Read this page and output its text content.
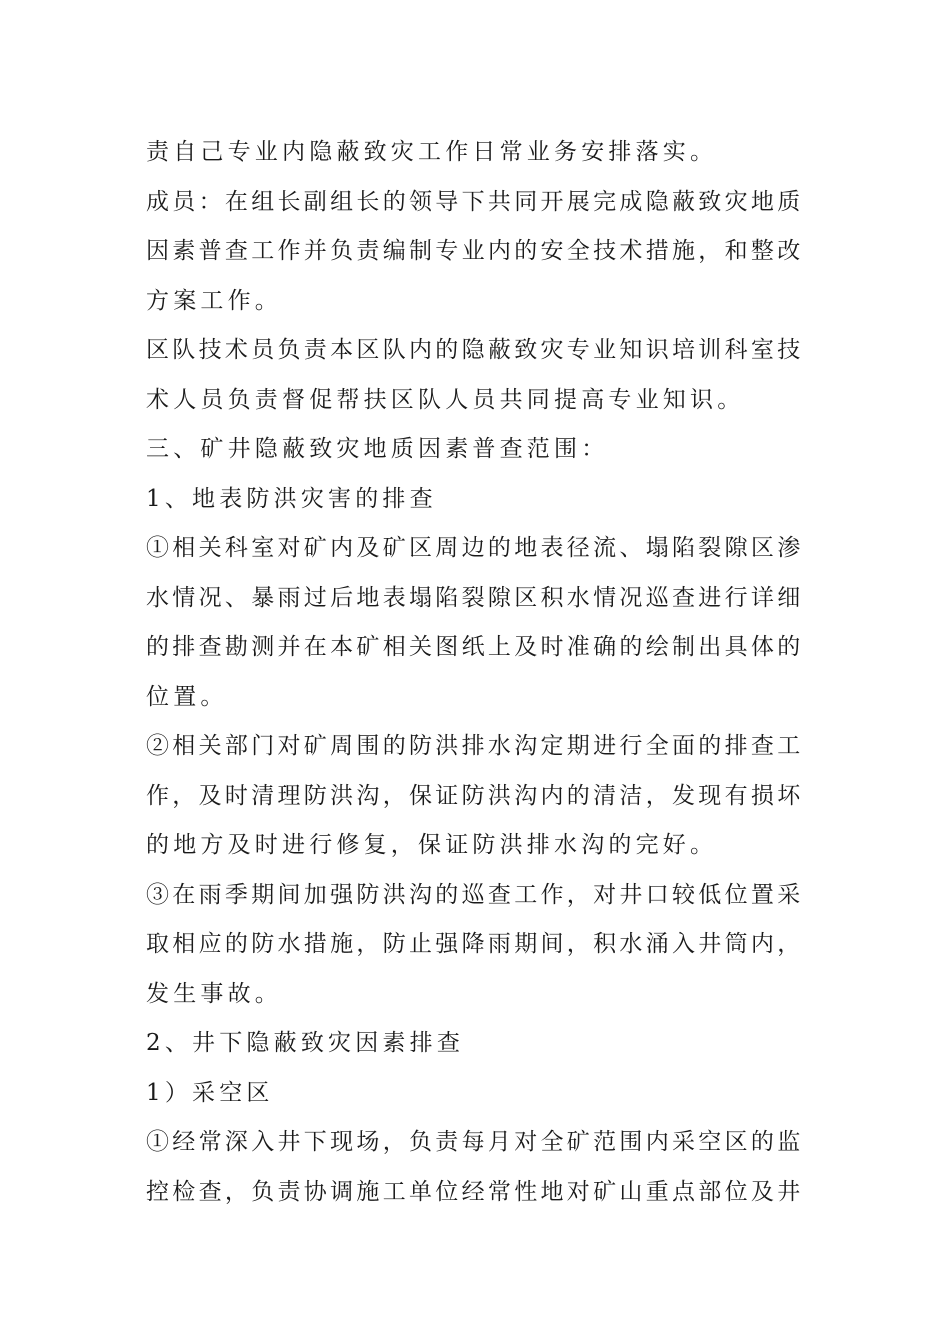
责自己专业内隐蔽致灾工作日常业务安排落实。
成员：在组长副组长的领导下共同开展完成隐蔽致灾地质
因素普查工作并负责编制专业内的安全技术措施，和整改
方案工作。
区队技术员负责本区队内的隐蔽致灾专业知识培训科室技
术人员负责督促帮扶区队人员共同提高专业知识。
三、矿井隐蔽致灾地质因素普查范围：
1、地表防洪灾害的排查
①相关科室对矿内及矿区周边的地表径流、塌陷裂隙区渗
水情况、暴雨过后地表塌陷裂隙区积水情况巡查进行详细
的排查勘测并在本矿相关图纸上及时准确的绘制出具体的
位置。
②相关部门对矿周围的防洪排水沟定期进行全面的排查工
作，及时清理防洪沟，保证防洪沟内的清洁，发现有损坏
的地方及时进行修复，保证防洪排水沟的完好。
③在雨季期间加强防洪沟的巡查工作，对井口较低位置采
取相应的防水措施，防止强降雨期间，积水涌入井筒内，
发生事故。
2、井下隐蔽致灾因素排查
1）采空区
①经常深入井下现场，负责每月对全矿范围内采空区的监
控检查，负责协调施工单位经常性地对矿山重点部位及井
